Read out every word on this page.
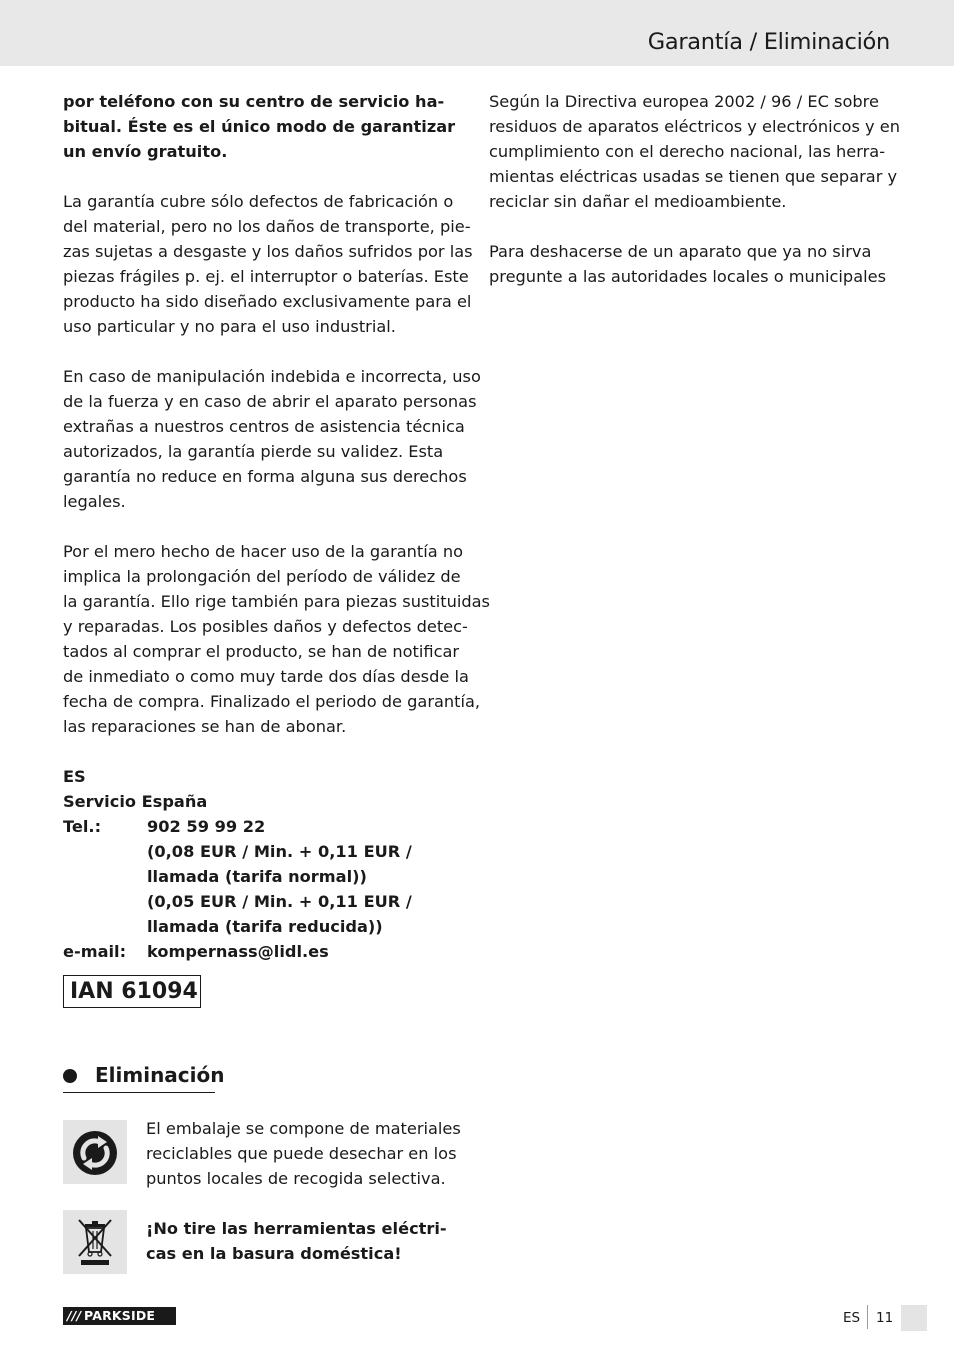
Garantía / Eliminación

por teléfono con su centro de servicio ha-
bitual. Éste es el único modo de garantizar
un envío gratuito.

La garantía cubre sólo defectos de fabricación o
del material, pero no los daños de transporte, pie-
zas sujetas a desgaste y los daños sufridos por las
piezas frágiles p. ej. el interruptor o baterías. Este
producto ha sido diseñado exclusivamente para el
uso particular y no para el uso industrial.

En caso de manipulación indebida e incorrecta, uso
de la fuerza y en caso de abrir el aparato personas
extrañas a nuestros centros de asistencia técnica
autorizados, la garantía pierde su validez. Esta
garantía no reduce en forma alguna sus derechos
legales.

Por el mero hecho de hacer uso de la garantía no
implica la prolongación del período de válidez de
la garantía. Ello rige también para piezas sustituidas
y reparadas. Los posibles daños y defectos detec-
tados al comprar el producto, se han de notificar
de inmediato o como muy tarde dos días desde la
fecha de compra. Finalizado el periodo de garantía,
las reparaciones se han de abonar.

ES
Servicio España
Tel.:	902 59 99 22
(0,08 EUR / Min. + 0,11 EUR /
llamada (tarifa normal))
(0,05 EUR / Min. + 0,11 EUR /
llamada (tarifa reducida))
e-mail:	kompernass@lidl.es
IAN 61094
Eliminación
El embalaje se compone de materiales
reciclables que puede desechar en los
puntos locales de recogida selectiva.
¡No tire las herramientas eléctri-
cas en la basura doméstica!

Según la Directiva europea 2002 / 96 / EC sobre
residuos de aparatos eléctricos y electrónicos y en
cumplimiento con el derecho nacional, las herra-
mientas eléctricas usadas se tienen que separar y
reciclar sin dañar el medioambiente.

Para deshacerse de un aparato que ya no sirva
pregunte a las autoridades locales o municipales

/// PARKSIDE	ES 11
